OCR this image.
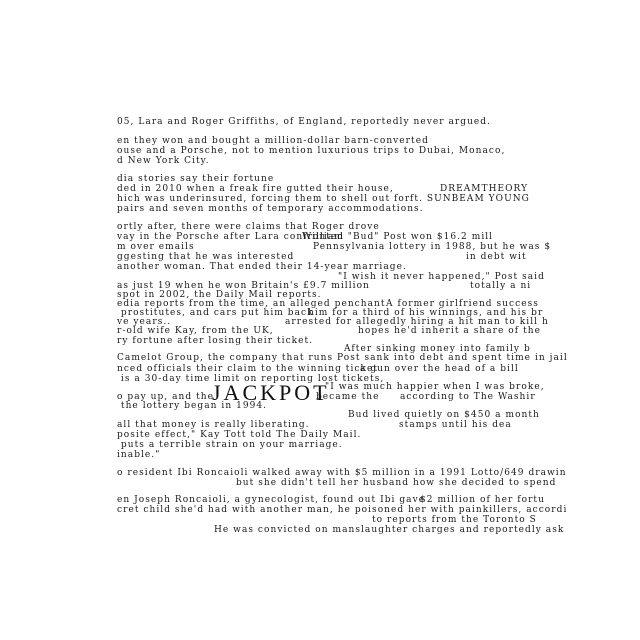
05, Lara and Roger Griffiths, of England, reportedly never argued.
en they won and bought a million-dollar barn-converted
ouse and a Porsche, not to mention luxurious trips to Dubai, Monaco,
d New York City.
dia stories say their fortune
ded in 2010 when a freak fire gutted their house,	DREAMTHEORY
hich was underinsured, forcing them to shell out for ft. SUNBEAM YOUNG
pairs and seven months of temporary accommodations.
ortly after, there were claims that Roger drove
William "Bud" Post won $16.2 mill
vay in the Porsche after Lara confronted
m over emails	Pennsylvania lottery in 1988, but he was $
ggesting that he was interested	in debt wit
another woman. That ended their 14-year marriage.
"I wish it never happened," Post said
as just 19 when he won Britain's £9.7 million	totally a ni
spot in 2002, the Daily Mail reports.
edia reports from the time, an alleged penchant A former girlfriend success
prostitutes, and cars put him back
him for a third of his winnings, and his br
ve years..	arrested for allegedly hiring a hit man to kill h
r-old wife Kay, from the UK,	hopes he'd inherit a share of the
ry fortune after losing their ticket.
After sinking money into family b
Camelot Group, the company that runs Post sank into debt and spent time in jail
nced officials their claim to the winning ticket
a gun over the head of a bill
is a 30-day time limit on reporting lost tickets,
"I was much happier when I was broke,
JACKPOT
o pay up, and the	became the according to The Washir
the lottery began in 1994.
Bud lived quietly on $450 a month
all that money is really liberating.	stamps until his dea
posite effect," Kay Tott told The Daily Mail.
puts a terrible strain on your marriage.
inable."
o resident Ibi Roncaioli walked away with $5 million in a 1991 Lotto/649 drawin
but she didn't tell her husband how she decided to spend
en Joseph Roncaioli, a gynecologist, found out Ibi gave
$2 million of her fortu
cret child she'd had with another man, he poisoned her with painkillers, accordi
to reports from the Toronto S
He was convicted on manslaughter charges and reportedly ask
